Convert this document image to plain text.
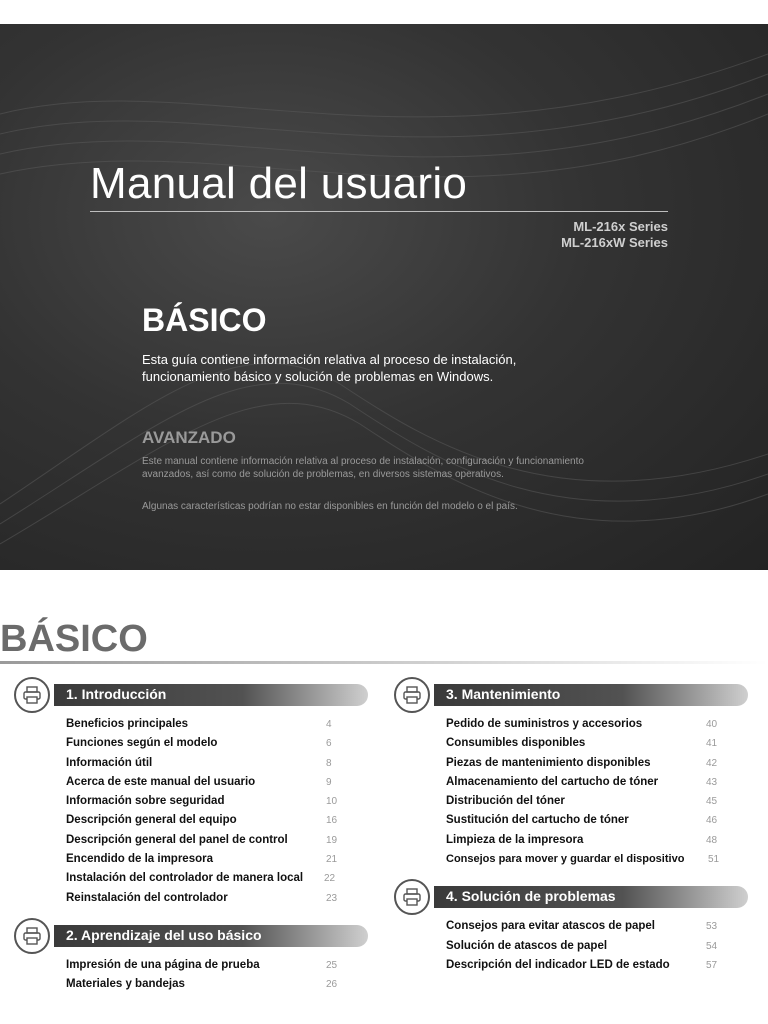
Manual del usuario
ML-216x Series
ML-216xW Series
BÁSICO

Esta guía contiene información relativa al proceso de instalación, funcionamiento básico y solución de problemas en Windows.

AVANZADO

Este manual contiene información relativa al proceso de instalación, configuración y funcionamiento avanzados, así como de solución de problemas, en diversos sistemas operativos.

Algunas características podrían no estar disponibles en función del modelo o el país.

BÁSICO
1. Introducción
Beneficios principales	4
Funciones según el modelo	6
Información útil	8
Acerca de este manual del usuario	9
Información sobre seguridad	10
Descripción general del equipo	16
Descripción general del panel de control	19
Encendido de la impresora	21
Instalación del controlador de manera local 22
Reinstalación del controlador	23
2. Aprendizaje del uso básico
Impresión de una página de prueba	25
Materiales y bandejas	26
3. Mantenimiento
Pedido de suministros y accesorios	40
Consumibles disponibles	41
Piezas de mantenimiento disponibles	42
Almacenamiento del cartucho de tóner	43
Distribución del tóner	45
Sustitución del cartucho de tóner	46
Limpieza de la impresora	48
Consejos para mover y guardar el dispositivo 51
4. Solución de problemas
Consejos para evitar atascos de papel	53
Solución de atascos de papel	54
Descripción del indicador LED de estado	57
